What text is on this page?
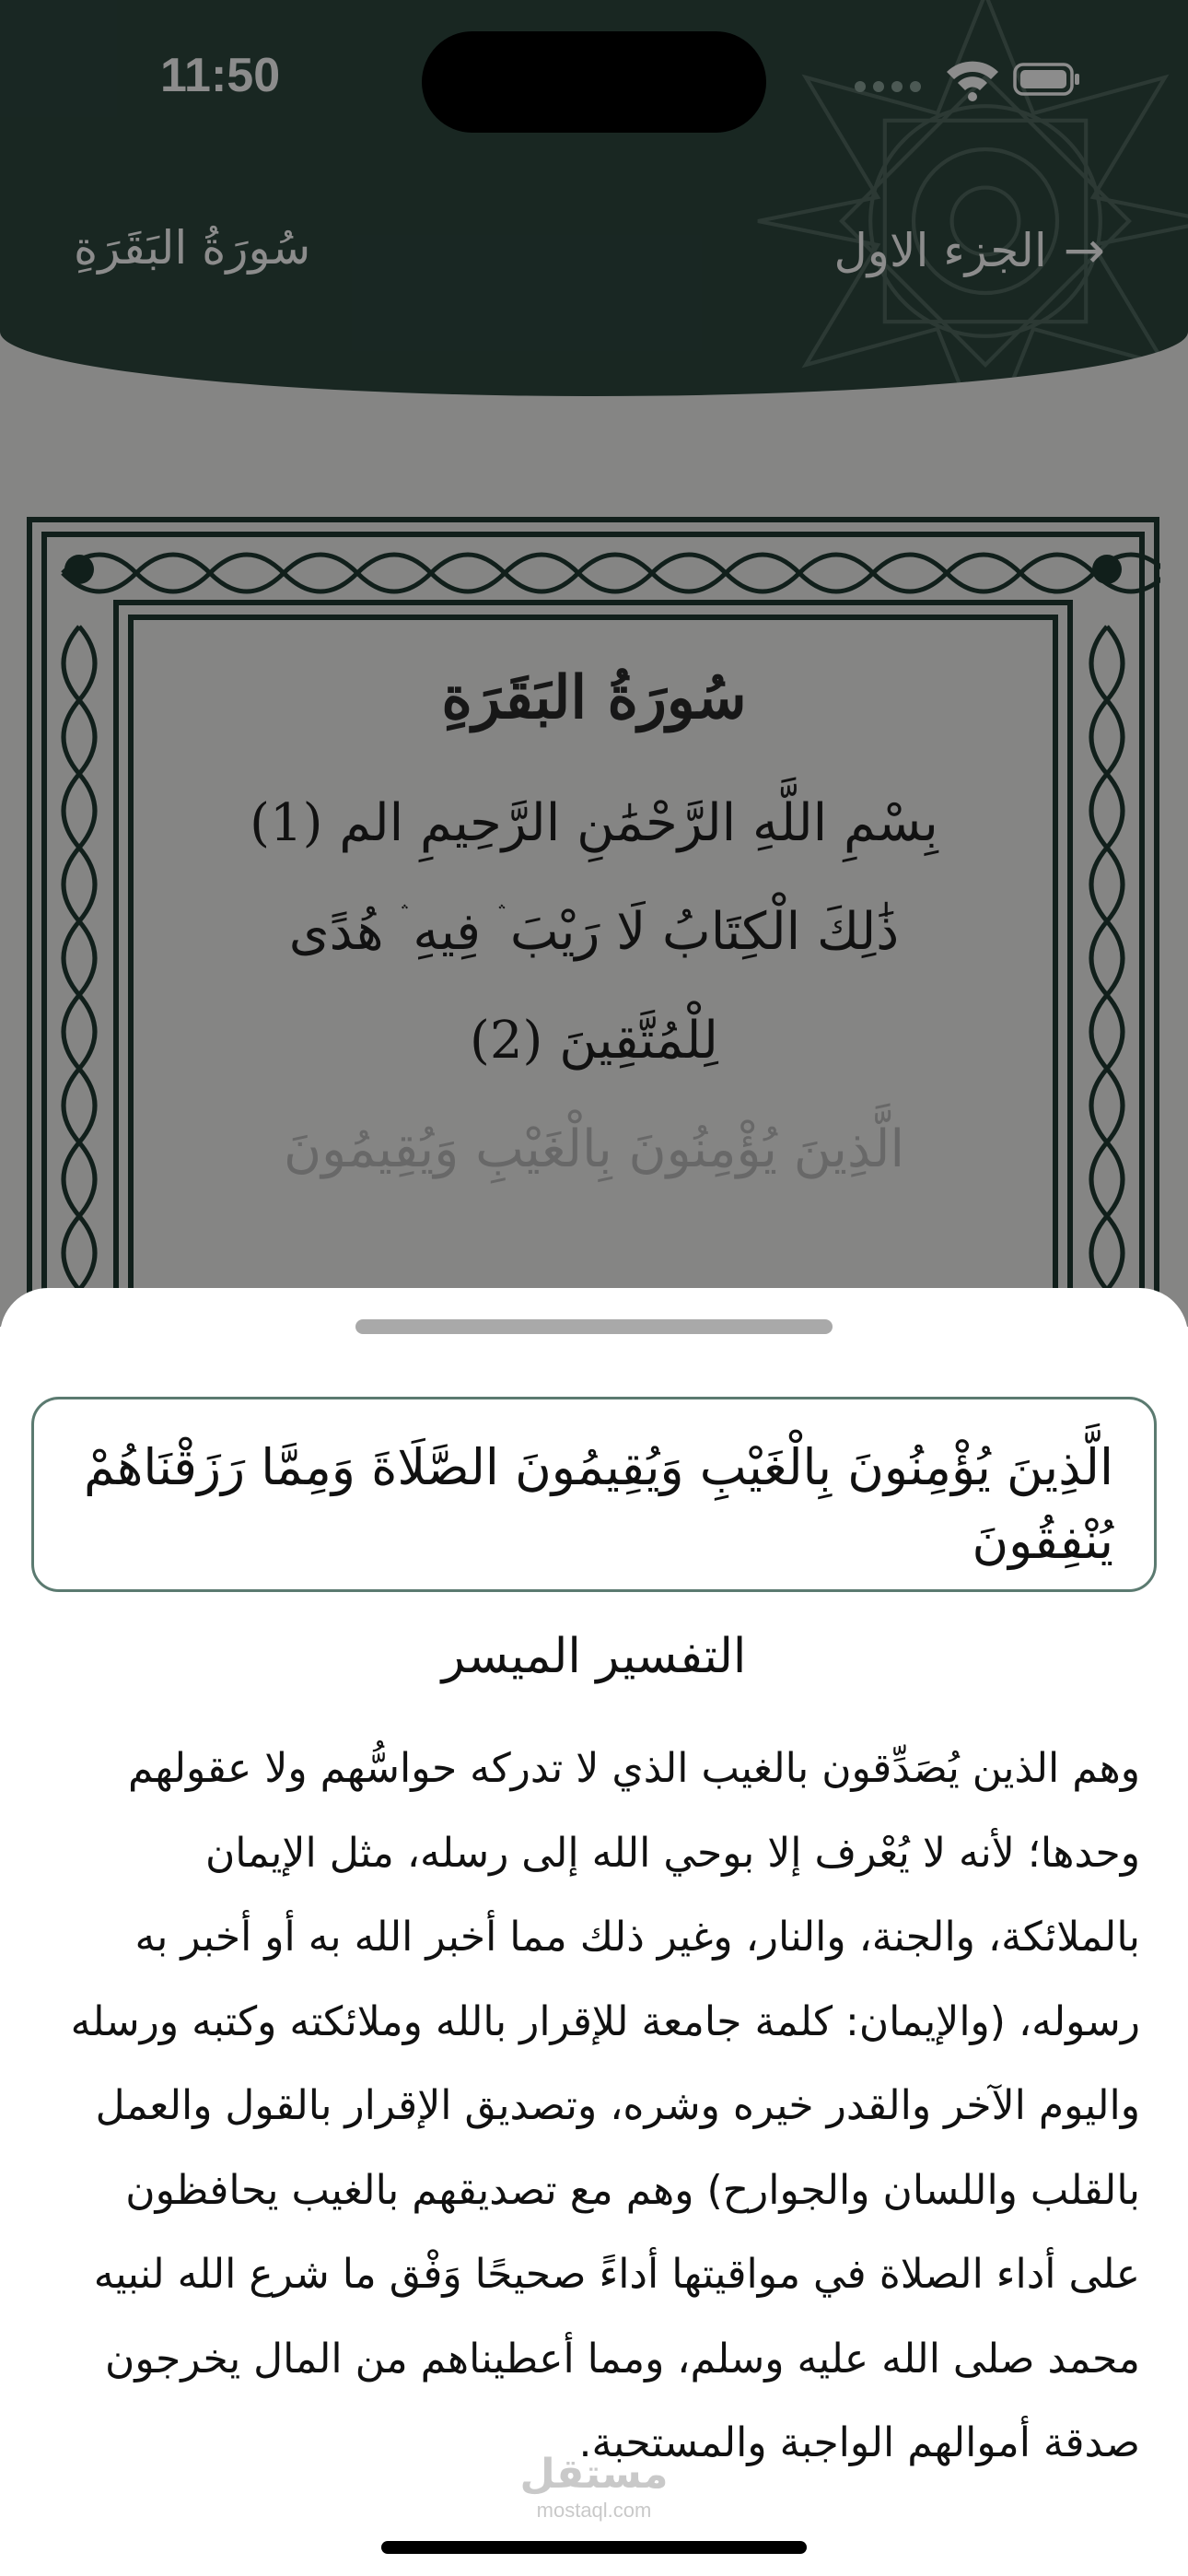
11:50
→
الجزء الاول
سُورَةُ البَقَرَةِ
سُورَةُ البَقَرَةِ
بِسْمِ اللَّهِ الرَّحْمَٰنِ الرَّحِيمِ الم (1)
ذَٰلِكَ الْكِتَابُ لَا رَيْبَ ۛ فِيهِ ۛ هُدًى
لِلْمُتَّقِينَ (2)
الَّذِينَ يُؤْمِنُونَ بِالْغَيْبِ وَيُقِيمُونَ
الَّذِينَ يُؤْمِنُونَ بِالْغَيْبِ وَيُقِيمُونَ الصَّلَاةَ وَمِمَّا رَزَقْنَاهُمْ يُنْفِقُونَ
التفسير الميسر
وهم الذين يُصَدِّقون بالغيب الذي لا تدركه حواسُّهم ولا عقولهم وحدها؛ لأنه لا يُعْرف إلا بوحي الله إلى رسله، مثل الإيمان بالملائكة، والجنة، والنار، وغير ذلك مما أخبر الله به أو أخبر به رسوله، (والإيمان: كلمة جامعة للإقرار بالله وملائكته وكتبه ورسله واليوم الآخر والقدر خيره وشره، وتصديق الإقرار بالقول والعمل بالقلب واللسان والجوارح) وهم مع تصديقهم بالغيب يحافظون على أداء الصلاة في مواقيتها أداءً صحيحًا وَفْق ما شرع الله لنبيه محمد صلى الله عليه وسلم، ومما أعطيناهم من المال يخرجون صدقة أموالهم الواجبة والمستحبة.
مستقل
mostaql.com
